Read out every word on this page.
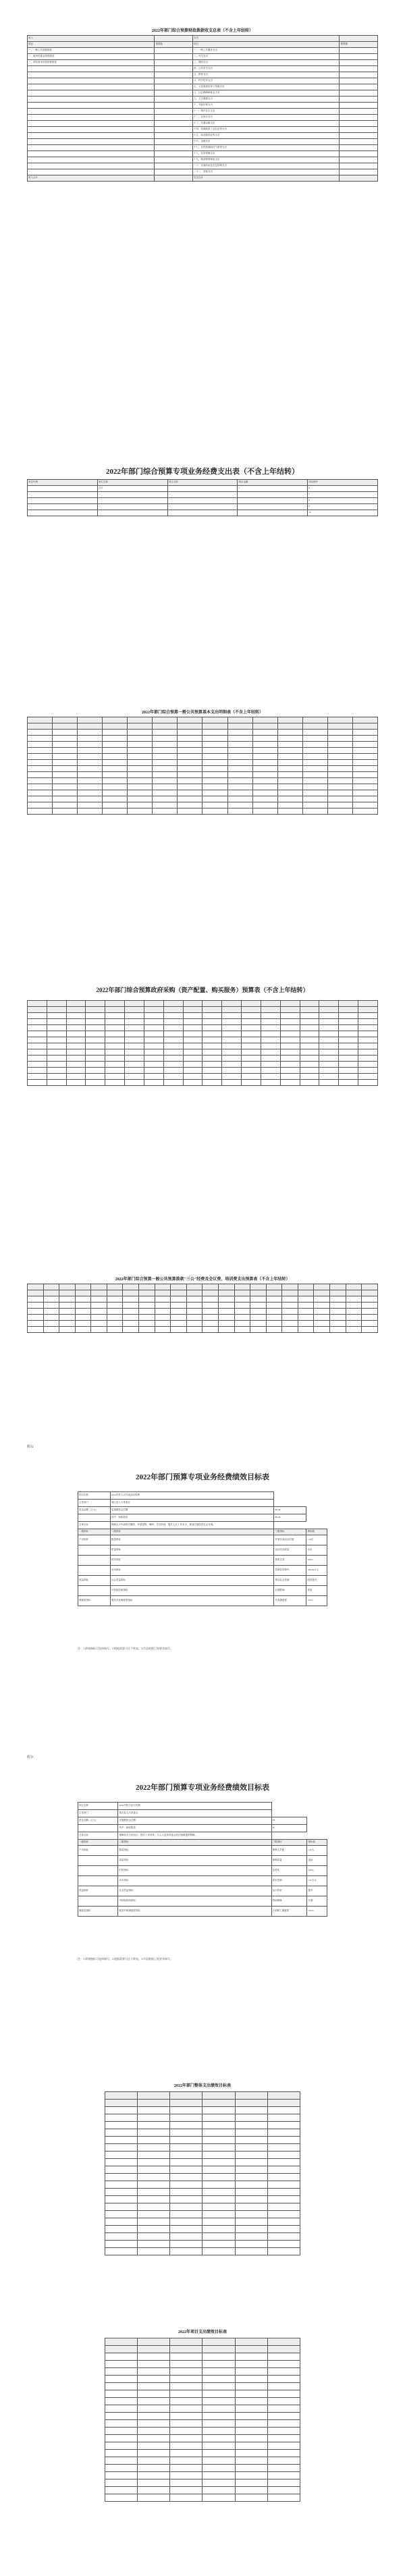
2022年部门综合预算财政拨款收支总表（不含上年结转）
收入		支出	
项目	预算数	项目	预算数
一、一般公共预算拨款		一、一般公共服务支出	
二、政府性基金预算拨款		二、外交支出	
三、国有资本经营预算拨款		三、国防支出	
		四、公共安全支出	
		五、教育支出	
		六、科学技术支出	
		七、文化旅游体育与传媒支出	
		八、社会保障和就业支出	
		九、卫生健康支出	
		十、节能环保支出	
		十一、城乡社区支出	
		十二、农林水支出	
		十三、交通运输支出	
		十四、资源勘探工业信息等支出	
		十五、商业服务业等支出	
		十六、金融支出	
		十七、自然资源海洋气象等支出	
		十八、住房保障支出	
		十九、粮油物资储备支出	
		二十、灾害防治及应急管理支出	
		二十一、其他支出	
收入合计		支出合计	
2022年部门综合预算专项业务经费支出表（不含上年结转）
单位代码	单位名称	项目名称	项目金额	项目简介
	合计		1	6
				7
				8
				9
				10
2022年部门综合预算一般公共预算基本支出明细表（不含上年结转）

2022年部门综合预算政府采购（资产配置、购买服务）预算表（不含上年结转）

2022年部门综合预算一般公共预算拨款"三公"经费及会议费、培训费支出预算表（不含上年结转）

附11
2022年部门预算专项业务经费绩效目标表
项目名称	2022年度人大代表活动经费		
主管部门	某区县人大常委会		
资金金额（万元）	实施期资金总额：	89.46	
	其中：财政拨款	89.46	
总体目标	保障人大代表依法履职，开展视察、调研、学习培训，提升人大工作水平，推动区域经济社会发展。		
一级指标	二级指标	三级指标	指标值
产出指标	数量指标	开展代表活动次数	≥10次
	质量指标	活动完成质量	达标
	时效指标	按时完成	100%
	成本指标	控制在预算内	≤89.46万元
效益指标	社会效益指标	推动社会发展	明显提升
	可持续影响指标	长期影响	持续
满意度指标	服务对象满意度指标	代表满意度	≥95%
注：1.绩效指标可选择填写。2.根据需要可往下续表。3.市县根据上级要求填写。
附11
2022年部门预算专项业务经费绩效目标表
项目名称	2022年机关运行经费		
主管部门	某区县人大常委会		
资金金额（万元）	实施期资金总额：	35	
	其中：财政拨款	35	
总体目标	保障机关日常运行，提升工作效率，为人大及其常委会依法履职提供保障。		
一级指标	二级指标	三级指标	指标值
产出指标	数量指标	保障人员数	≥20人
	质量指标	保障质量	达标
	时效指标	及时性	100%
	成本指标	成本控制	≤35万元
效益指标	社会效益指标	运行效率	提升
	可持续影响指标	持续保障	长期
满意度指标	服务对象满意度指标	干部职工满意度	≥95%
注：1.绩效指标可选择填写。2.根据需要可往下续表。3.市县根据上级要求填写。
2022年部门整体支出绩效目标表

2022年项目支出绩效目标表
